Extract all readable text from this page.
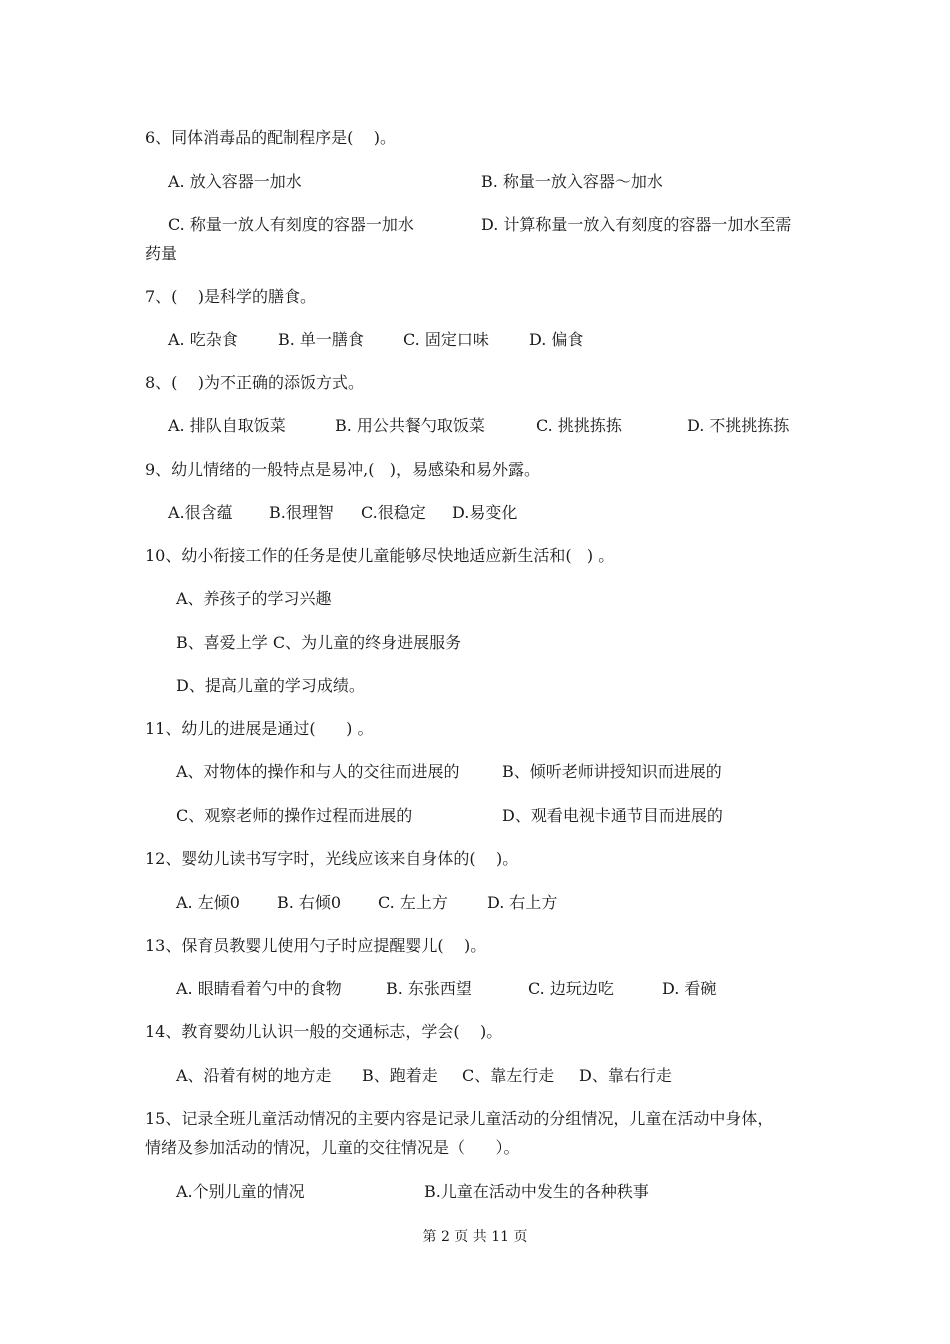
6、同体消毒品的配制程序是(    )。
A. 放入容器一加水	B. 称量一放入容器～加水
C. 称量一放人有刻度的容器一加水	D. 计算称量一放入有刻度的容器一加水至需
药量
7、(    )是科学的膳食。
A. 吃杂食	B. 单一膳食 C. 固定口味	D. 偏食
8、(    )为不正确的添饭方式。
A. 排队自取饭菜	B. 用公共餐勺取饭菜	C. 挑挑拣拣	D. 不挑挑拣拣
9、幼儿情绪的一般特点是易冲,(   )，易感染和易外露。
A.很含蕴 B.很理智 C.很稳定 D.易变化
10、幼小衔接工作的任务是使儿童能够尽快地适应新生活和(   ) 。
A、养孩子的学习兴趣
B、喜爱上学 C、为儿童的终身进展服务
D、提高儿童的学习成绩。
11、幼儿的进展是通过(      ) 。
A、对物体的操作和与人的交往而进展的	B、倾听老师讲授知识而进展的
C、观察老师的操作过程而进展的	D、观看电视卡通节目而进展的
12、婴幼儿读书写字时，光线应该来自身体的(    )。
A. 左倾0 B. 右倾0 C. 左上方 D. 右上方
13、保育员教婴儿使用勺子时应提醒婴儿(    )。
A. 眼睛看着勺中的食物	B. 东张西望	C. 边玩边吃	D. 看碗
14、教育婴幼儿认识一般的交通标志，学会(    )。
A、沿着有树的地方走 B、跑着走 C、靠左行走 D、靠右行走
15、记录全班儿童活动情况的主要内容是记录儿童活动的分组情况，儿童在活动中身体，
情绪及参加活动的情况，儿童的交往情况是（      ）。
A.个别儿童的情况	B.儿童在活动中发生的各种秩事
第 2 页 共 11 页
